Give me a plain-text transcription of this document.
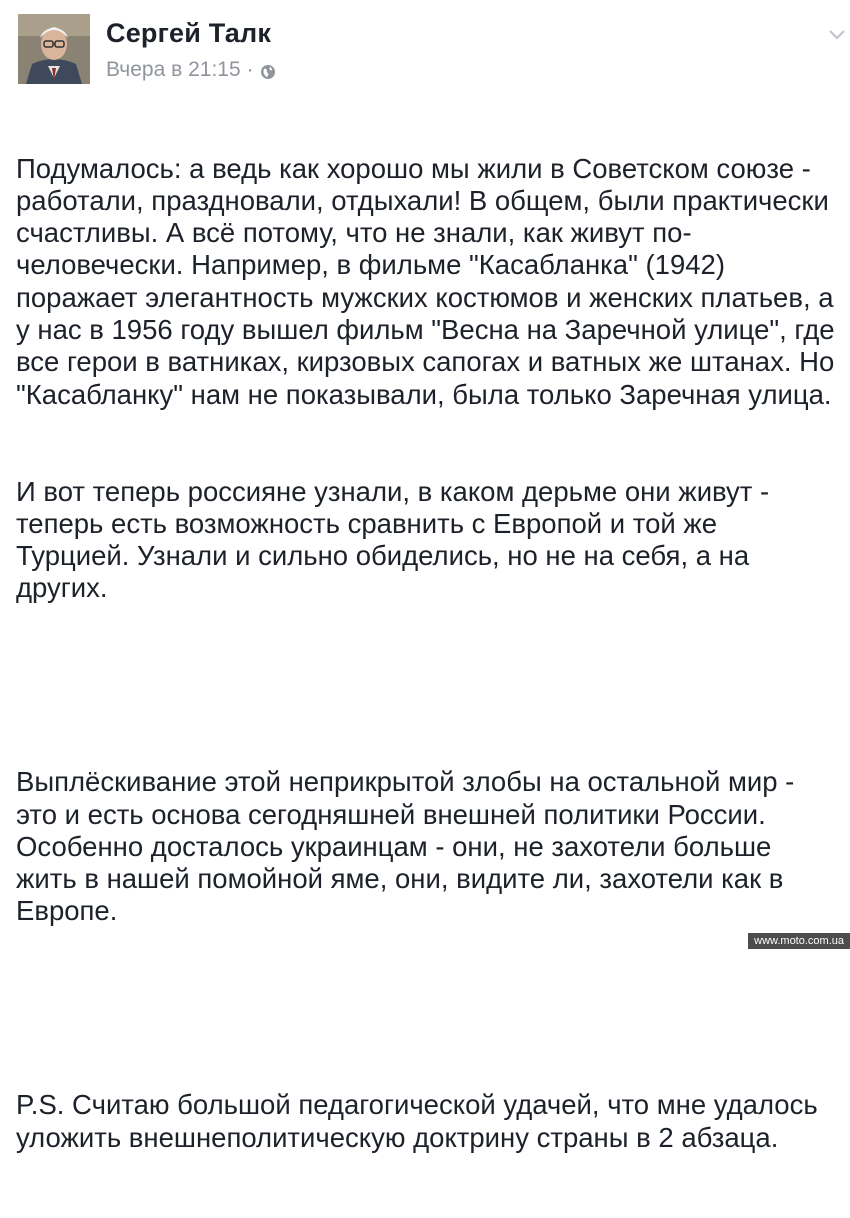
Сергей Талк
Вчера в 21:15 ·

Подумалось: а ведь как хорошо мы жили в Советском союзе - работали, праздновали, отдыхали! В общем, были практически счастливы. А всё потому, что не знали, как живут по-человечески. Например, в фильме "Касабланка" (1942) поражает элегантность мужских костюмов и женских платьев, а у нас в 1956 году вышел фильм "Весна на Заречной улице", где все герои в ватниках, кирзовых сапогах и ватных же штанах. Но "Касабланку" нам не показывали, была только Заречная улица.

И вот теперь россияне узнали, в каком дерьме они живут - теперь есть возможность сравнить с Европой и той же Турцией. Узнали и сильно обиделись, но не на себя, а на других.

Выплёскивание этой неприкрытой злобы на остальной мир - это и есть основа сегодняшней внешней политики России. Особенно досталось украинцам - они, не захотели больше жить в нашей помойной яме, они, видите ли, захотели как в Европе.

P.S. Считаю большой педагогической удачей, что мне удалось уложить внешнеполитическую доктрину страны в 2 абзаца.

www.moto.com.ua
